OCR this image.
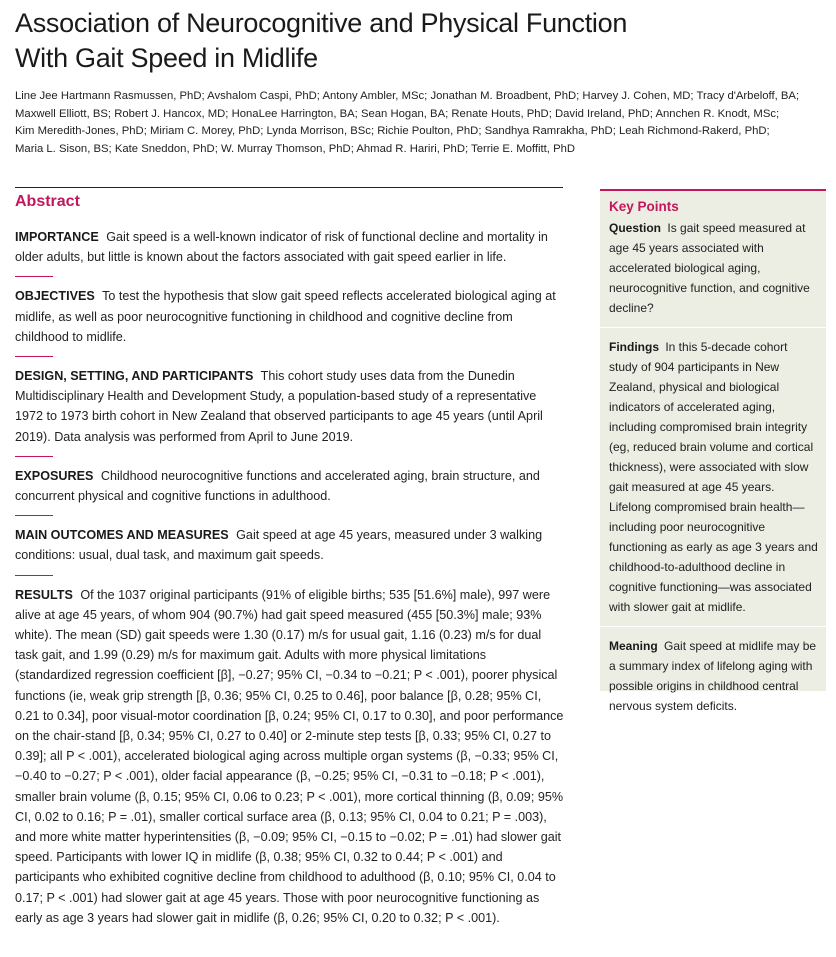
Association of Neurocognitive and Physical Function
With Gait Speed in Midlife
Line Jee Hartmann Rasmussen, PhD; Avshalom Caspi, PhD; Antony Ambler, MSc; Jonathan M. Broadbent, PhD; Harvey J. Cohen, MD; Tracy d'Arbeloff, BA;
Maxwell Elliott, BS; Robert J. Hancox, MD; HonaLee Harrington, BA; Sean Hogan, BA; Renate Houts, PhD; David Ireland, PhD; Annchen R. Knodt, MSc;
Kim Meredith-Jones, PhD; Miriam C. Morey, PhD; Lynda Morrison, BSc; Richie Poulton, PhD; Sandhya Ramrakha, PhD; Leah Richmond-Rakerd, PhD;
Maria L. Sison, BS; Kate Sneddon, PhD; W. Murray Thomson, PhD; Ahmad R. Hariri, PhD; Terrie E. Moffitt, PhD
Abstract

IMPORTANCE Gait speed is a well-known indicator of risk of functional decline and mortality in older adults, but little is known about the factors associated with gait speed earlier in life.

OBJECTIVES To test the hypothesis that slow gait speed reflects accelerated biological aging at midlife, as well as poor neurocognitive functioning in childhood and cognitive decline from childhood to midlife.

DESIGN, SETTING, AND PARTICIPANTS This cohort study uses data from the Dunedin Multidisciplinary Health and Development Study, a population-based study of a representative 1972 to 1973 birth cohort in New Zealand that observed participants to age 45 years (until April 2019). Data analysis was performed from April to June 2019.

EXPOSURES Childhood neurocognitive functions and accelerated aging, brain structure, and concurrent physical and cognitive functions in adulthood.

MAIN OUTCOMES AND MEASURES Gait speed at age 45 years, measured under 3 walking conditions: usual, dual task, and maximum gait speeds.

RESULTS Of the 1037 original participants (91% of eligible births; 535 [51.6%] male), 997 were alive at age 45 years, of whom 904 (90.7%) had gait speed measured (455 [50.3%] male; 93% white). The mean (SD) gait speeds were 1.30 (0.17) m/s for usual gait, 1.16 (0.23) m/s for dual task gait, and 1.99 (0.29) m/s for maximum gait. Adults with more physical limitations (standardized regression coefficient [β], −0.27; 95% CI, −0.34 to −0.21; P < .001), poorer physical functions (ie, weak grip strength [β, 0.36; 95% CI, 0.25 to 0.46], poor balance [β, 0.28; 95% CI, 0.21 to 0.34], poor visual-motor coordination [β, 0.24; 95% CI, 0.17 to 0.30], and poor performance on the chair-stand [β, 0.34; 95% CI, 0.27 to 0.40] or 2-minute step tests [β, 0.33; 95% CI, 0.27 to 0.39]; all P < .001), accelerated biological aging across multiple organ systems (β, −0.33; 95% CI, −0.40 to −0.27; P < .001), older facial appearance (β, −0.25; 95% CI, −0.31 to −0.18; P < .001), smaller brain volume (β, 0.15; 95% CI, 0.06 to 0.23; P < .001), more cortical thinning (β, 0.09; 95% CI, 0.02 to 0.16; P = .01), smaller cortical surface area (β, 0.13; 95% CI, 0.04 to 0.21; P = .003), and more white matter hyperintensities (β, −0.09; 95% CI, −0.15 to −0.02; P = .01) had slower gait speed. Participants with lower IQ in midlife (β, 0.38; 95% CI, 0.32 to 0.44; P < .001) and participants who exhibited cognitive decline from childhood to adulthood (β, 0.10; 95% CI, 0.04 to 0.17; P < .001) had slower gait at age 45 years. Those with poor neurocognitive functioning as early as age 3 years had slower gait in midlife (β, 0.26; 95% CI, 0.20 to 0.32; P < .001).

Key Points

Question Is gait speed measured at age 45 years associated with accelerated biological aging, neurocognitive function, and cognitive decline?

Findings In this 5-decade cohort study of 904 participants in New Zealand, physical and biological indicators of accelerated aging, including compromised brain integrity (eg, reduced brain volume and cortical thickness), were associated with slow gait measured at age 45 years. Lifelong compromised brain health—including poor neurocognitive functioning as early as age 3 years and childhood-to-adulthood decline in cognitive functioning—was associated with slower gait at midlife.

Meaning Gait speed at midlife may be a summary index of lifelong aging with possible origins in childhood central nervous system deficits.
